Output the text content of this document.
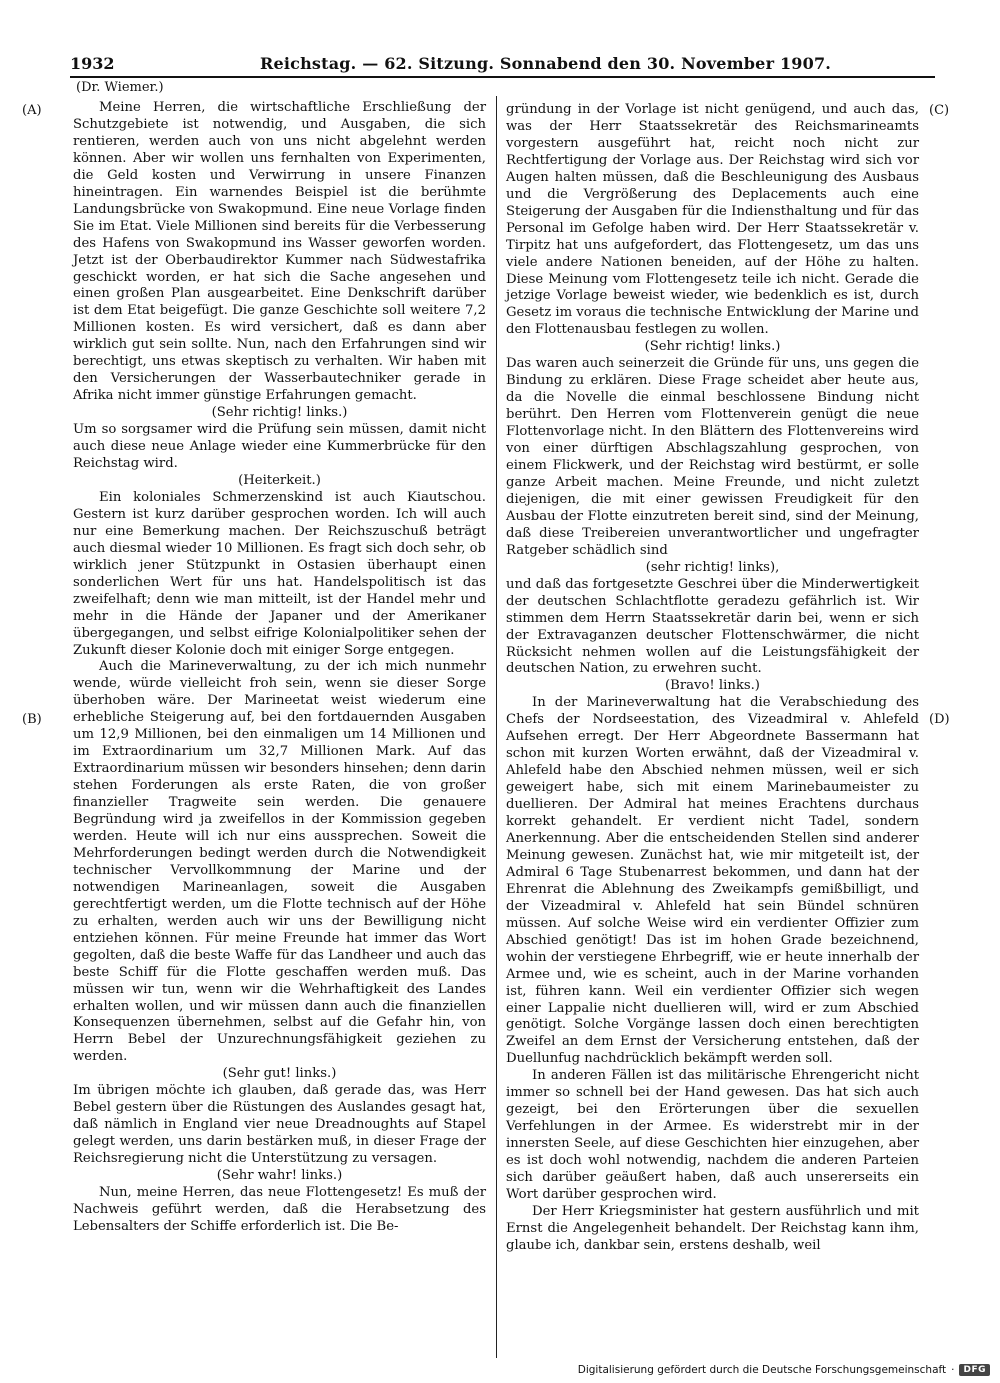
1932	Reichstag. — 62. Sitzung. Sonnabend den 30. November 1907.
(Dr. Wiemer.)
(A)
(B)
(C)
(D)

Meine Herren, die wirtschaftliche Erschließung der Schutzgebiete ist notwendig, und Ausgaben, die sich rentieren, werden auch von uns nicht abgelehnt werden können. Aber wir wollen uns fernhalten von Experimenten, die Geld kosten und Verwirrung in unsere Finanzen hineintragen. Ein warnendes Beispiel ist die berühmte Landungsbrücke von Swakopmund. Eine neue Vorlage finden Sie im Etat. Viele Millionen sind bereits für die Verbesserung des Hafens von Swakopmund ins Wasser geworfen worden. Jetzt ist der Oberbaudirektor Kummer nach Südwestafrika geschickt worden, er hat sich die Sache angesehen und einen großen Plan ausgearbeitet. Eine Denkschrift darüber ist dem Etat beigefügt. Die ganze Geschichte soll weitere 7,2 Millionen kosten. Es wird versichert, daß es dann aber wirklich gut sein sollte. Nun, nach den Erfahrungen sind wir berechtigt, uns etwas skeptisch zu verhalten. Wir haben mit den Versicherungen der Wasserbautechniker gerade in Afrika nicht immer günstige Erfahrungen gemacht.

(Sehr richtig! links.)

Um so sorgsamer wird die Prüfung sein müssen, damit nicht auch diese neue Anlage wieder eine Kummerbrücke für den Reichstag wird.

(Heiterkeit.)

Ein koloniales Schmerzenskind ist auch Kiautschou. Gestern ist kurz darüber gesprochen worden. Ich will auch nur eine Bemerkung machen. Der Reichszuschuß beträgt auch diesmal wieder 10 Millionen. Es fragt sich doch sehr, ob wirklich jener Stützpunkt in Ostasien überhaupt einen sonderlichen Wert für uns hat. Handelspolitisch ist das zweifelhaft; denn wie man mitteilt, ist der Handel mehr und mehr in die Hände der Japaner und der Amerikaner übergegangen, und selbst eifrige Kolonialpolitiker sehen der Zukunft dieser Kolonie doch mit einiger Sorge entgegen.

Auch die Marineverwaltung, zu der ich mich nunmehr wende, würde vielleicht froh sein, wenn sie dieser Sorge überhoben wäre. Der Marineetat weist wiederum eine erhebliche Steigerung auf, bei den fortdauernden Ausgaben um 12,9 Millionen, bei den einmaligen um 14 Millionen und im Extraordinarium um 32,7 Millionen Mark. Auf das Extraordinarium müssen wir besonders hinsehen; denn darin stehen Forderungen als erste Raten, die von großer finanzieller Tragweite sein werden. Die genauere Begründung wird ja zweifellos in der Kommission gegeben werden. Heute will ich nur eins aussprechen. Soweit die Mehrforderungen bedingt werden durch die Notwendigkeit technischer Vervollkommnung der Marine und der notwendigen Marineanlagen, soweit die Ausgaben gerechtfertigt werden, um die Flotte technisch auf der Höhe zu erhalten, werden auch wir uns der Bewilligung nicht entziehen können. Für meine Freunde hat immer das Wort gegolten, daß die beste Waffe für das Landheer und auch das beste Schiff für die Flotte geschaffen werden muß. Das müssen wir tun, wenn wir die Wehrhaftigkeit des Landes erhalten wollen, und wir müssen dann auch die finanziellen Konsequenzen übernehmen, selbst auf die Gefahr hin, von Herrn Bebel der Unzurechnungsfähigkeit geziehen zu werden.

(Sehr gut! links.)

Im übrigen möchte ich glauben, daß gerade das, was Herr Bebel gestern über die Rüstungen des Auslandes gesagt hat, daß nämlich in England vier neue Dreadnoughts auf Stapel gelegt werden, uns darin bestärken muß, in dieser Frage der Reichsregierung nicht die Unterstützung zu versagen.

(Sehr wahr! links.)

Nun, meine Herren, das neue Flottengesetz! Es muß der Nachweis geführt werden, daß die Herabsetzung des Lebensalters der Schiffe erforderlich ist. Die Be-

gründung in der Vorlage ist nicht genügend, und auch das, was der Herr Staatssekretär des Reichsmarineamts vorgestern ausgeführt hat, reicht noch nicht zur Rechtfertigung der Vorlage aus. Der Reichstag wird sich vor Augen halten müssen, daß die Beschleunigung des Ausbaus und die Vergrößerung des Deplacements auch eine Steigerung der Ausgaben für die Indiensthaltung und für das Personal im Gefolge haben wird. Der Herr Staatssekretär v. Tirpitz hat uns aufgefordert, das Flottengesetz, um das uns viele andere Nationen beneiden, auf der Höhe zu halten. Diese Meinung vom Flottengesetz teile ich nicht. Gerade die jetzige Vorlage beweist wieder, wie bedenklich es ist, durch Gesetz im voraus die technische Entwicklung der Marine und den Flottenausbau festlegen zu wollen.

(Sehr richtig! links.)

Das waren auch seinerzeit die Gründe für uns, uns gegen die Bindung zu erklären. Diese Frage scheidet aber heute aus, da die Novelle die einmal beschlossene Bindung nicht berührt. Den Herren vom Flottenverein genügt die neue Flottenvorlage nicht. In den Blättern des Flottenvereins wird von einer dürftigen Abschlagszahlung gesprochen, von einem Flickwerk, und der Reichstag wird bestürmt, er solle ganze Arbeit machen. Meine Freunde, und nicht zuletzt diejenigen, die mit einer gewissen Freudigkeit für den Ausbau der Flotte einzutreten bereit sind, sind der Meinung, daß diese Treibereien unverantwortlicher und ungefragter Ratgeber schädlich sind

(sehr richtig! links),

und daß das fortgesetzte Geschrei über die Minderwertigkeit der deutschen Schlachtflotte geradezu gefährlich ist. Wir stimmen dem Herrn Staatssekretär darin bei, wenn er sich der Extravaganzen deutscher Flottenschwärmer, die nicht Rücksicht nehmen wollen auf die Leistungsfähigkeit der deutschen Nation, zu erwehren sucht.

(Bravo! links.)

In der Marineverwaltung hat die Verabschiedung des Chefs der Nordseestation, des Vizeadmiral v. Ahlefeld Aufsehen erregt. Der Herr Abgeordnete Bassermann hat schon mit kurzen Worten erwähnt, daß der Vizeadmiral v. Ahlefeld habe den Abschied nehmen müssen, weil er sich geweigert habe, sich mit einem Marinebaumeister zu duellieren. Der Admiral hat meines Erachtens durchaus korrekt gehandelt. Er verdient nicht Tadel, sondern Anerkennung. Aber die entscheidenden Stellen sind anderer Meinung gewesen. Zunächst hat, wie mir mitgeteilt ist, der Admiral 6 Tage Stubenarrest bekommen, und dann hat der Ehrenrat die Ablehnung des Zweikampfs gemißbilligt, und der Vizeadmiral v. Ahlefeld hat sein Bündel schnüren müssen. Auf solche Weise wird ein verdienter Offizier zum Abschied genötigt! Das ist im hohen Grade bezeichnend, wohin der verstiegene Ehrbegriff, wie er heute innerhalb der Armee und, wie es scheint, auch in der Marine vorhanden ist, führen kann. Weil ein verdienter Offizier sich wegen einer Lappalie nicht duellieren will, wird er zum Abschied genötigt. Solche Vorgänge lassen doch einen berechtigten Zweifel an dem Ernst der Versicherung entstehen, daß der Duellunfug nachdrücklich bekämpft werden soll.

In anderen Fällen ist das militärische Ehrengericht nicht immer so schnell bei der Hand gewesen. Das hat sich auch gezeigt, bei den Erörterungen über die sexuellen Verfehlungen in der Armee. Es widerstrebt mir in der innersten Seele, auf diese Geschichten hier einzugehen, aber es ist doch wohl notwendig, nachdem die anderen Parteien sich darüber geäußert haben, daß auch unsererseits ein Wort darüber gesprochen wird.

Der Herr Kriegsminister hat gestern ausführlich und mit Ernst die Angelegenheit behandelt. Der Reichstag kann ihm, glaube ich, dankbar sein, erstens deshalb, weil

Digitalisierung gefördert durch die Deutsche Forschungsgemeinschaft ·	DFG
